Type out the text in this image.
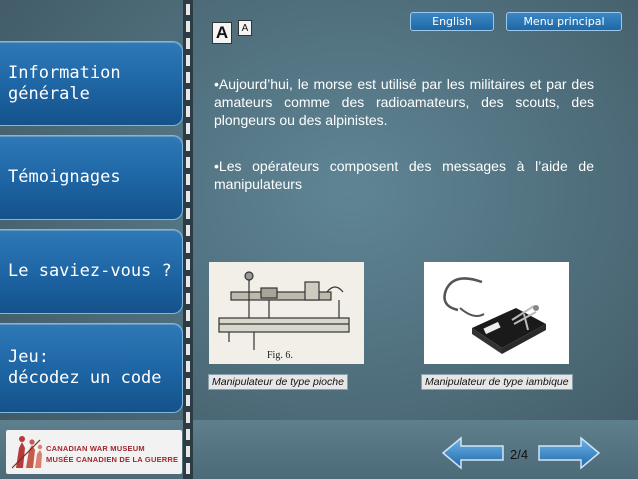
Information
générale
Témoignages
Le saviez-vous ?
Jeu:
décodez un code
CANADIAN WAR MUSEUM
MUSÉE CANADIEN DE LA GUERRE
A	A	English	Menu principal

•Aujourd’hui, le morse est utilisé par les militaires et par des amateurs comme des radioamateurs, des scouts, des plongeurs ou des alpinistes.

•Les opérateurs composent des messages à l’aide de manipulateurs

Fig. 6.
Manipulateur de type pioche	Manipulateur de type iambique
2/4
